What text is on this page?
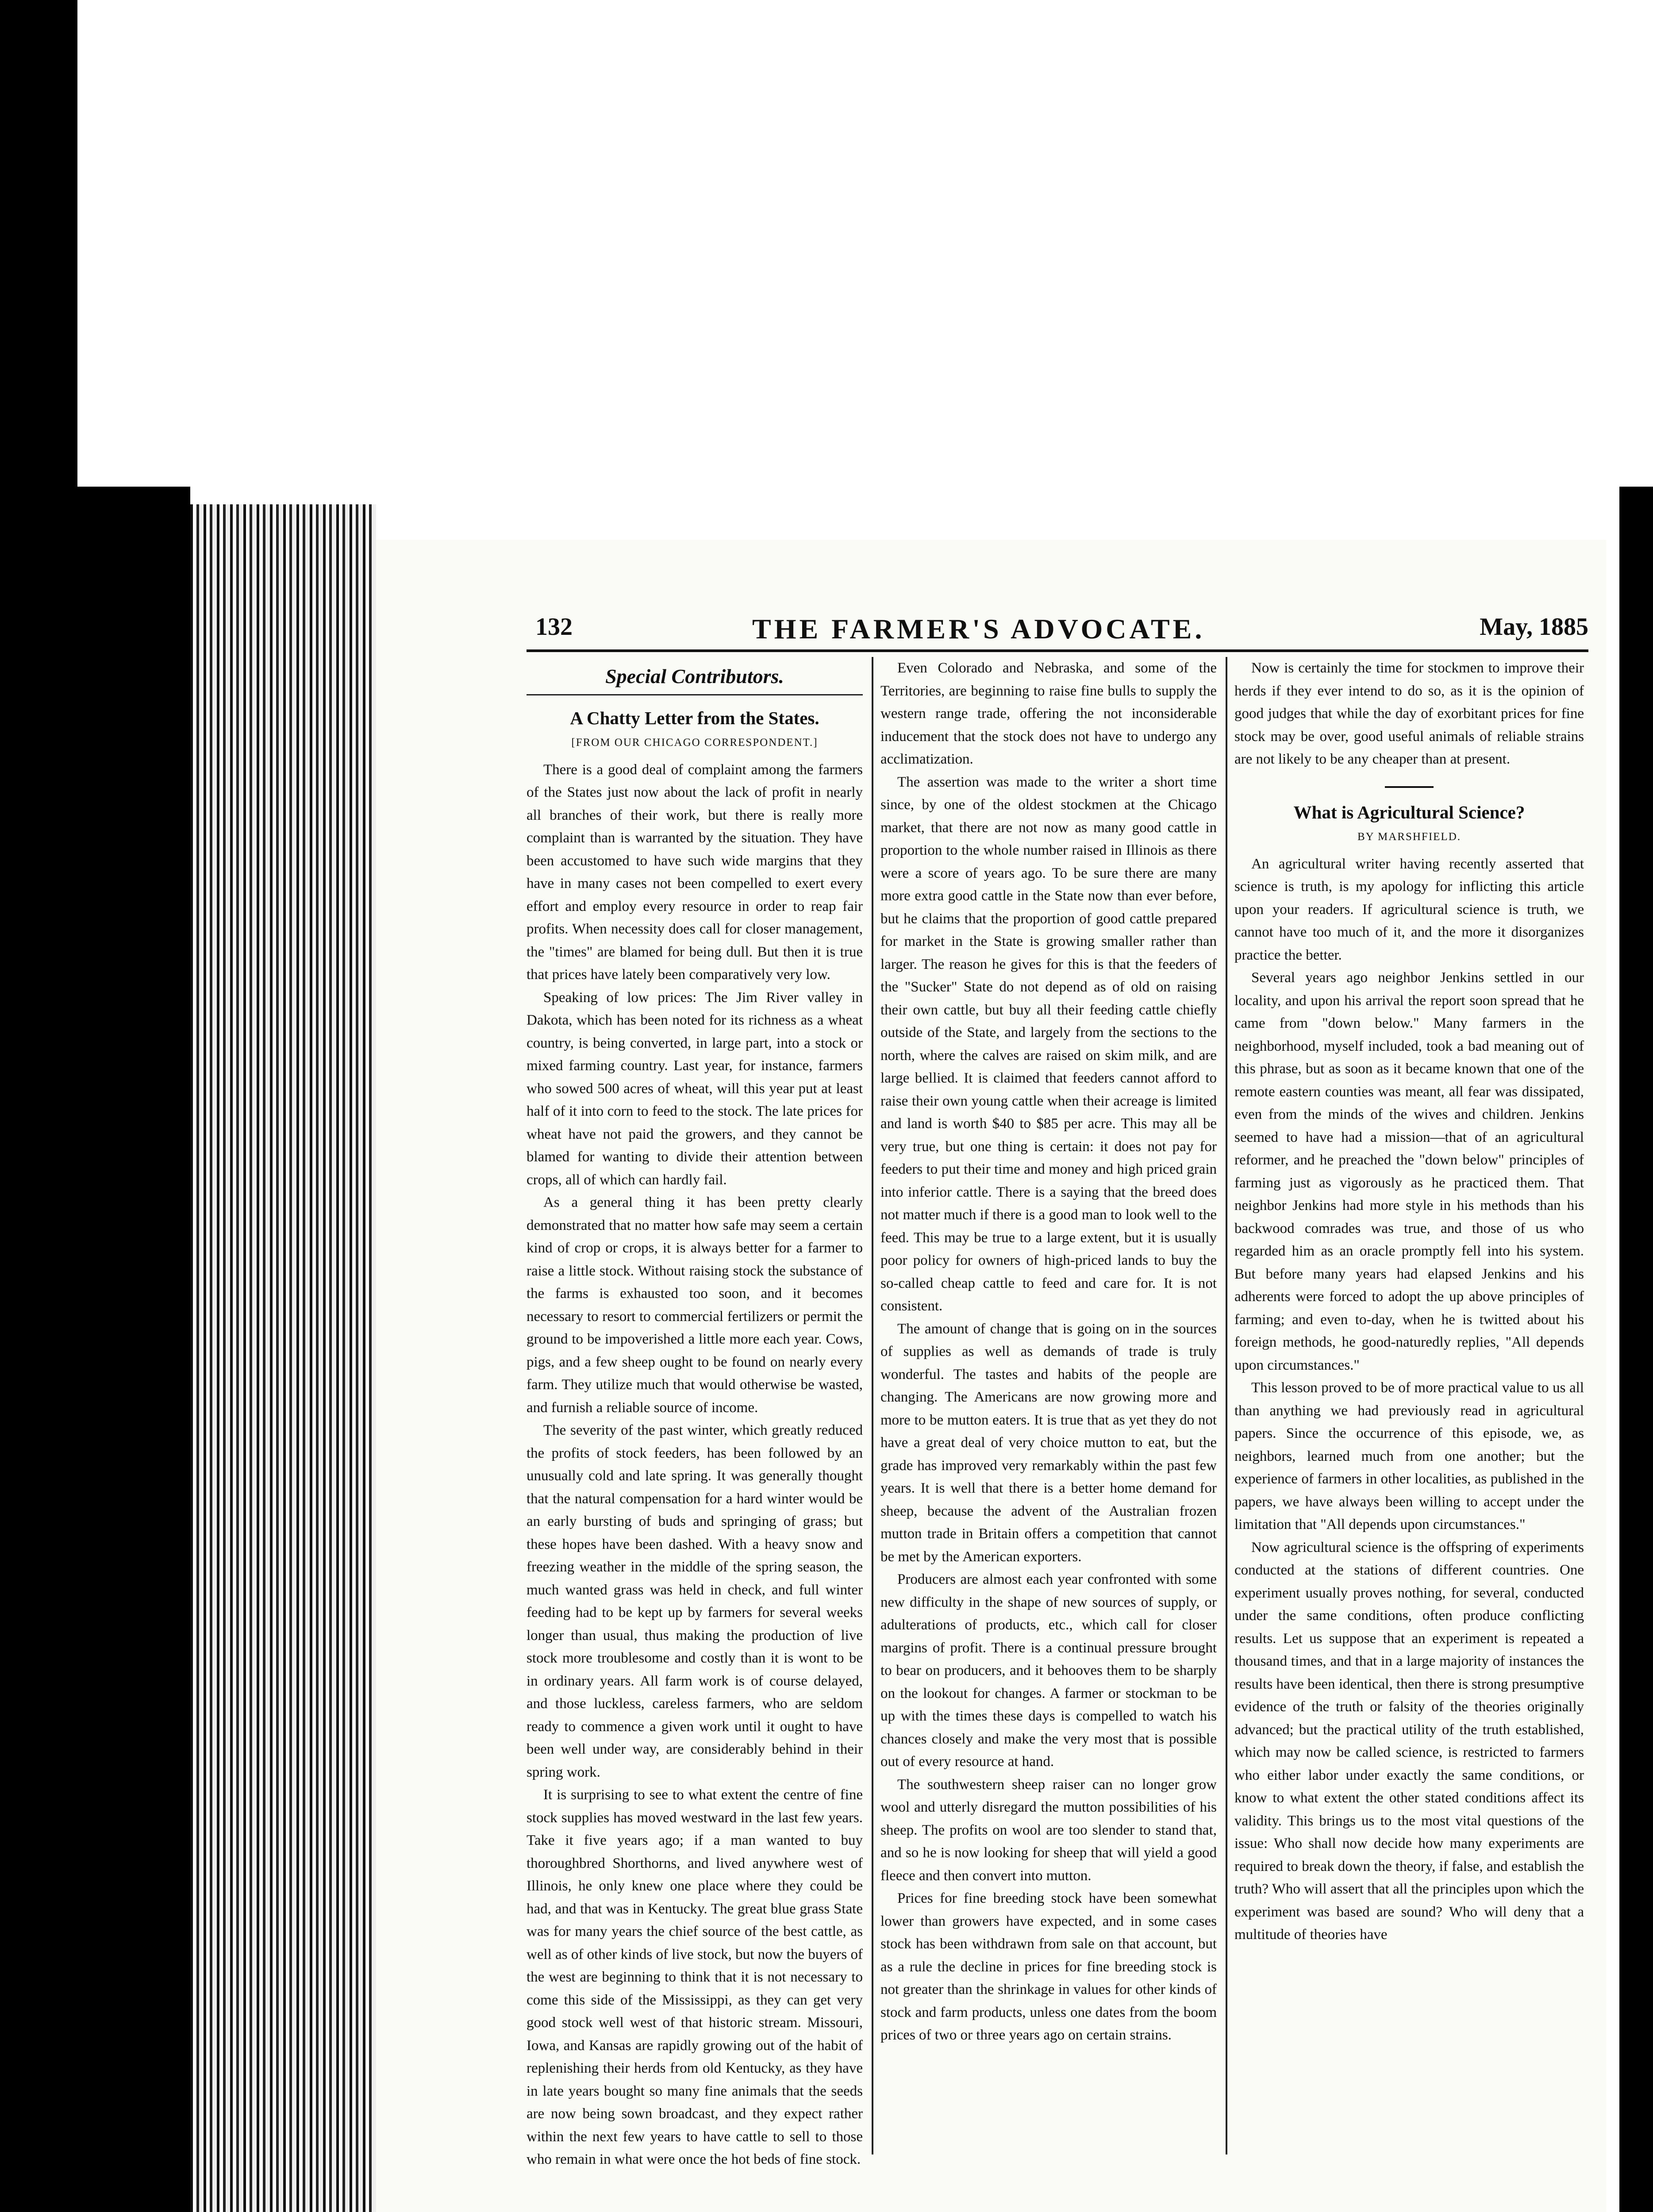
132	THE FARMER'S ADVOCATE.	May, 1885
Special Contributors.
A Chatty Letter from the States.
[FROM OUR CHICAGO CORRESPONDENT.]

There is a good deal of complaint among the farmers of the States just now about the lack of profit in nearly all branches of their work, but there is really more complaint than is warranted by the situation. They have been accustomed to have such wide margins that they have in many cases not been compelled to exert every effort and employ every resource in order to reap fair profits. When necessity does call for closer management, the "times" are blamed for being dull. But then it is true that prices have lately been comparatively very low.

Speaking of low prices: The Jim River valley in Dakota, which has been noted for its richness as a wheat country, is being converted, in large part, into a stock or mixed farming country. Last year, for instance, farmers who sowed 500 acres of wheat, will this year put at least half of it into corn to feed to the stock. The late prices for wheat have not paid the growers, and they cannot be blamed for wanting to divide their attention between crops, all of which can hardly fail.

As a general thing it has been pretty clearly demonstrated that no matter how safe may seem a certain kind of crop or crops, it is always better for a farmer to raise a little stock. Without raising stock the substance of the farms is exhausted too soon, and it becomes necessary to resort to commercial fertilizers or permit the ground to be impoverished a little more each year. Cows, pigs, and a few sheep ought to be found on nearly every farm. They utilize much that would otherwise be wasted, and furnish a reliable source of income.

The severity of the past winter, which greatly reduced the profits of stock feeders, has been followed by an unusually cold and late spring. It was generally thought that the natural compensation for a hard winter would be an early bursting of buds and springing of grass; but these hopes have been dashed. With a heavy snow and freezing weather in the middle of the spring season, the much wanted grass was held in check, and full winter feeding had to be kept up by farmers for several weeks longer than usual, thus making the production of live stock more troublesome and costly than it is wont to be in ordinary years. All farm work is of course delayed, and those luckless, careless farmers, who are seldom ready to commence a given work until it ought to have been well under way, are considerably behind in their spring work.

It is surprising to see to what extent the centre of fine stock supplies has moved westward in the last few years. Take it five years ago; if a man wanted to buy thoroughbred Shorthorns, and lived anywhere west of Illinois, he only knew one place where they could be had, and that was in Kentucky. The great blue grass State was for many years the chief source of the best cattle, as well as of other kinds of live stock, but now the buyers of the west are beginning to think that it is not necessary to come this side of the Mississippi, as they can get very good stock well west of that historic stream. Missouri, Iowa, and Kansas are rapidly growing out of the habit of replenishing their herds from old Kentucky, as they have in late years bought so many fine animals that the seeds are now being sown broadcast, and they expect rather within the next few years to have cattle to sell to those who remain in what were once the hot beds of fine stock.

Even Colorado and Nebraska, and some of the Territories, are beginning to raise fine bulls to supply the western range trade, offering the not inconsiderable inducement that the stock does not have to undergo any acclimatization.

The assertion was made to the writer a short time since, by one of the oldest stockmen at the Chicago market, that there are not now as many good cattle in proportion to the whole number raised in Illinois as there were a score of years ago. To be sure there are many more extra good cattle in the State now than ever before, but he claims that the proportion of good cattle prepared for market in the State is growing smaller rather than larger. The reason he gives for this is that the feeders of the "Sucker" State do not depend as of old on raising their own cattle, but buy all their feeding cattle chiefly outside of the State, and largely from the sections to the north, where the calves are raised on skim milk, and are large bellied. It is claimed that feeders cannot afford to raise their own young cattle when their acreage is limited and land is worth $40 to $85 per acre. This may all be very true, but one thing is certain: it does not pay for feeders to put their time and money and high priced grain into inferior cattle. There is a saying that the breed does not matter much if there is a good man to look well to the feed. This may be true to a large extent, but it is usually poor policy for owners of high-priced lands to buy the so-called cheap cattle to feed and care for. It is not consistent.

The amount of change that is going on in the sources of supplies as well as demands of trade is truly wonderful. The tastes and habits of the people are changing. The Americans are now growing more and more to be mutton eaters. It is true that as yet they do not have a great deal of very choice mutton to eat, but the grade has improved very remarkably within the past few years. It is well that there is a better home demand for sheep, because the advent of the Australian frozen mutton trade in Britain offers a competition that cannot be met by the American exporters.

Producers are almost each year confronted with some new difficulty in the shape of new sources of supply, or adulterations of products, etc., which call for closer margins of profit. There is a continual pressure brought to bear on producers, and it behooves them to be sharply on the lookout for changes. A farmer or stockman to be up with the times these days is compelled to watch his chances closely and make the very most that is possible out of every resource at hand.

The southwestern sheep raiser can no longer grow wool and utterly disregard the mutton possibilities of his sheep. The profits on wool are too slender to stand that, and so he is now looking for sheep that will yield a good fleece and then convert into mutton.

Prices for fine breeding stock have been somewhat lower than growers have expected, and in some cases stock has been withdrawn from sale on that account, but as a rule the decline in prices for fine breeding stock is not greater than the shrinkage in values for other kinds of stock and farm products, unless one dates from the boom prices of two or three years ago on certain strains.

Now is certainly the time for stockmen to improve their herds if they ever intend to do so, as it is the opinion of good judges that while the day of exorbitant prices for fine stock may be over, good useful animals of reliable strains are not likely to be any cheaper than at present.

What is Agricultural Science?
BY MARSHFIELD.

An agricultural writer having recently asserted that science is truth, is my apology for inflicting this article upon your readers. If agricultural science is truth, we cannot have too much of it, and the more it disorganizes practice the better.

Several years ago neighbor Jenkins settled in our locality, and upon his arrival the report soon spread that he came from "down below." Many farmers in the neighborhood, myself included, took a bad meaning out of this phrase, but as soon as it became known that one of the remote eastern counties was meant, all fear was dissipated, even from the minds of the wives and children. Jenkins seemed to have had a mission—that of an agricultural reformer, and he preached the "down below" principles of farming just as vigorously as he practiced them. That neighbor Jenkins had more style in his methods than his backwood comrades was true, and those of us who regarded him as an oracle promptly fell into his system. But before many years had elapsed Jenkins and his adherents were forced to adopt the up above principles of farming; and even to-day, when he is twitted about his foreign methods, he good-naturedly replies, "All depends upon circumstances."

This lesson proved to be of more practical value to us all than anything we had previously read in agricultural papers. Since the occurrence of this episode, we, as neighbors, learned much from one another; but the experience of farmers in other localities, as published in the papers, we have always been willing to accept under the limitation that "All depends upon circumstances."

Now agricultural science is the offspring of experiments conducted at the stations of different countries. One experiment usually proves nothing, for several, conducted under the same conditions, often produce conflicting results. Let us suppose that an experiment is repeated a thousand times, and that in a large majority of instances the results have been identical, then there is strong presumptive evidence of the truth or falsity of the theories originally advanced; but the practical utility of the truth established, which may now be called science, is restricted to farmers who either labor under exactly the same conditions, or know to what extent the other stated conditions affect its validity. This brings us to the most vital questions of the issue: Who shall now decide how many experiments are required to break down the theory, if false, and establish the truth? Who will assert that all the principles upon which the experiment was based are sound? Who will deny that a multitude of theories have
